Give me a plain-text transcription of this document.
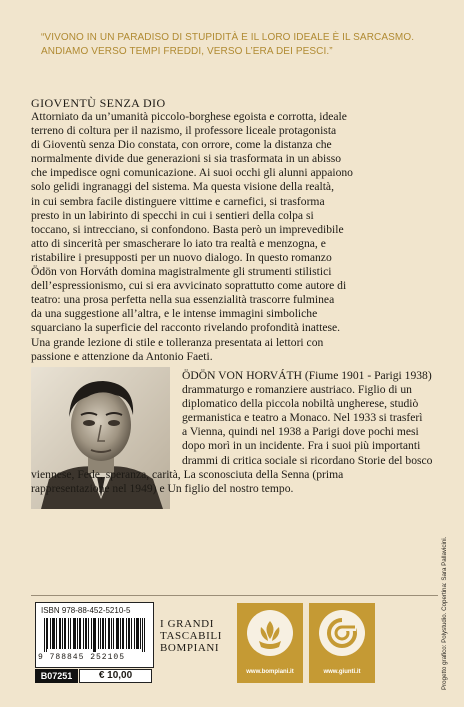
“VIVONO IN UN PARADISO DI STUPIDITÀ E IL LORO IDEALE È IL SARCASMO.

ANDIAMO VERSO TEMPI FREDDI, VERSO L’ERA DEI PESCI.”

GIOVENTÙ SENZA DIO

Attorniato da un’umanità piccolo-borghese egoista e corrotta, ideale

terreno di coltura per il nazismo, il professore liceale protagonista

di Gioventù senza Dio constata, con orrore, come la distanza che

normalmente divide due generazioni si sia trasformata in un abisso

che impedisce ogni comunicazione. Ai suoi occhi gli alunni appaiono

solo gelidi ingranaggi del sistema. Ma questa visione della realtà,

in cui sembra facile distinguere vittime e carnefici, si trasforma

presto in un labirinto di specchi in cui i sentieri della colpa si

toccano, si intrecciano, si confondono. Basta però un imprevedibile

atto di sincerità per smascherare lo iato tra realtà e menzogna, e

ristabilire i presupposti per un nuovo dialogo. In questo romanzo

Ödön von Horváth domina magistralmente gli strumenti stilistici

dell’espressionismo, cui si era avvicinato soprattutto come autore di

teatro: una prosa perfetta nella sua essenzialità trascorre fulminea

da una suggestione all’altra, e le intense immagini simboliche

squarciano la superficie del racconto rivelando profondità inattese.

Una grande lezione di stile e tolleranza presentata ai lettori con

passione e attenzione da Antonio Faeti.

ÖDÖN VON HORVÁTH (Fiume 1901 - Parigi 1938)

drammaturgo e romanziere austriaco. Figlio di un

diplomatico della piccola nobiltà ungherese, studiò

germanistica e teatro a Monaco. Nel 1933 si trasferì

a Vienna, quindi nel 1938 a Parigi dove pochi mesi

dopo morì in un incidente. Fra i suoi più importanti

drammi di critica sociale si ricordano Storie del bosco

viennese, Fede, speranza, carità, La sconosciuta della Senna (prima

rappresentazione nel 1949) e Un figlio del nostro tempo.

Progetto grafico: Polystudio. Copertina: Sara Pallavicini.
ISBN 978-88-452-5210-5
9 788845 252105
B07251	€ 10,00

I GRANDI

TASCABILI

BOMPIANI

www.bompiani.it	www.giunti.it
